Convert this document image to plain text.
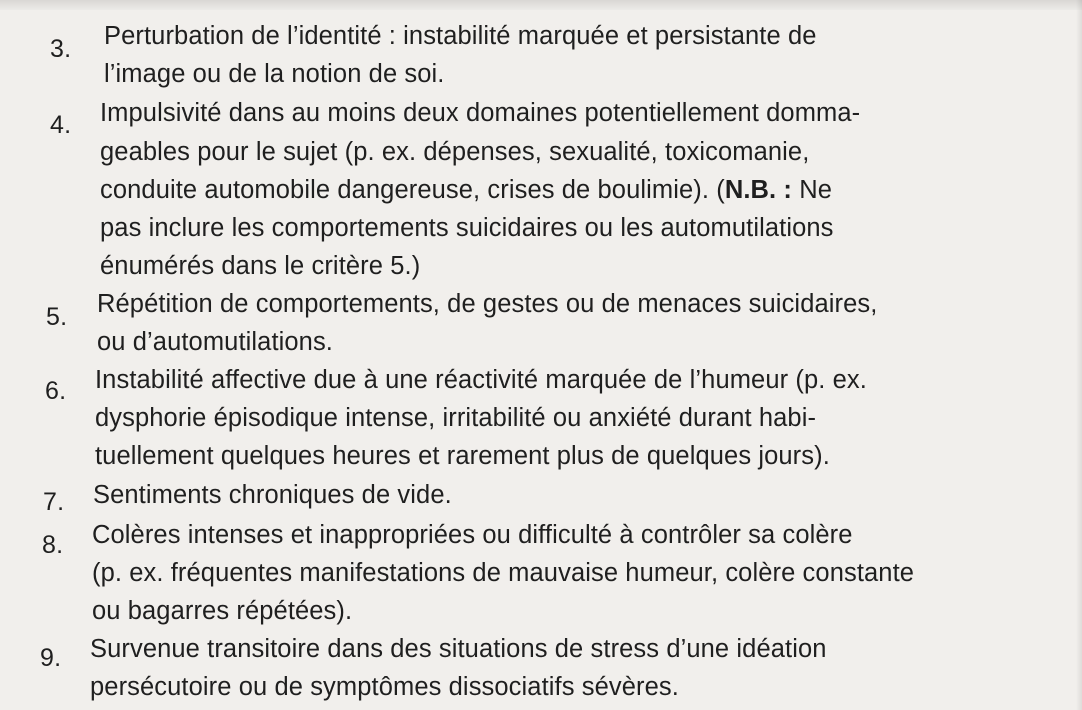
3. Perturbation de l’identité : instabilité marquée et persistante de
l’image ou de la notion de soi.
4. Impulsivité dans au moins deux domaines potentiellement domma-
geables pour le sujet (p. ex. dépenses, sexualité, toxicomanie,
conduite automobile dangereuse, crises de boulimie). (N.B. : Ne
pas inclure les comportements suicidaires ou les automutilations
énumérés dans le critère 5.)
5. Répétition de comportements, de gestes ou de menaces suicidaires,
ou d’automutilations.
6. Instabilité affective due à une réactivité marquée de l’humeur (p. ex.
dysphorie épisodique intense, irritabilité ou anxiété durant habi-
tuellement quelques heures et rarement plus de quelques jours).
7. Sentiments chroniques de vide.
8. Colères intenses et inappropriées ou difficulté à contrôler sa colère
(p. ex. fréquentes manifestations de mauvaise humeur, colère constante
ou bagarres répétées).
9. Survenue transitoire dans des situations de stress d’une idéation
persécutoire ou de symptômes dissociatifs sévères.
